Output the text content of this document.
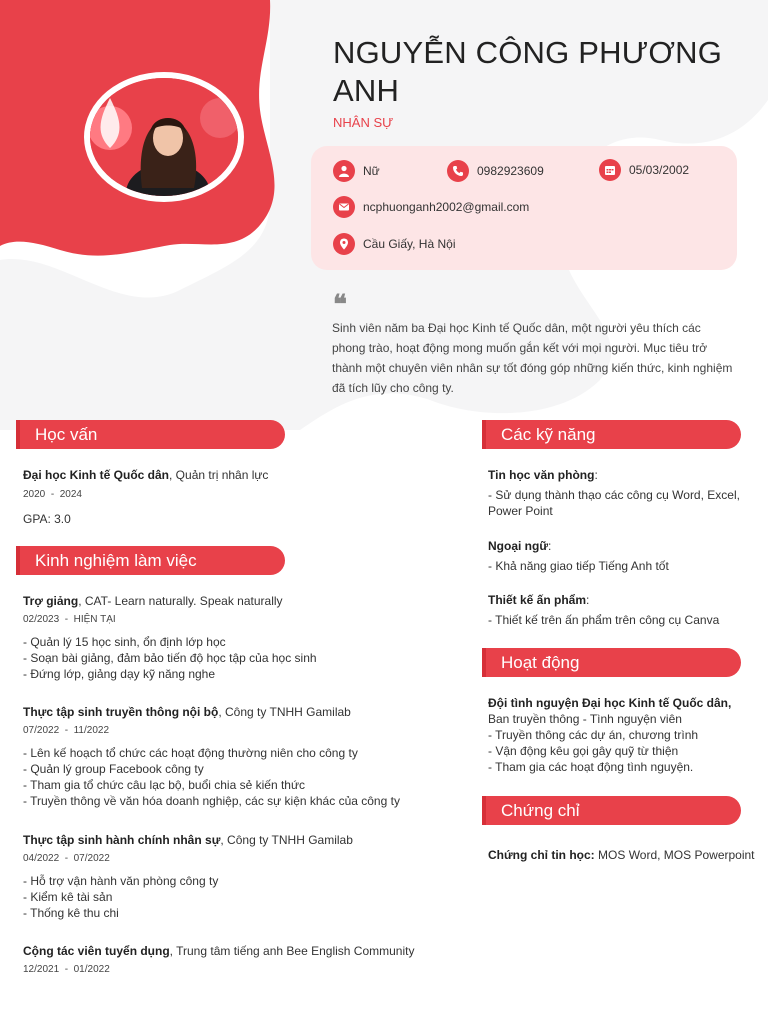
NGUYỄN CÔNG PHƯƠNG ANH
NHÂN SỰ
Nữ	0982923609	05/03/2002
ncphuonganh2002@gmail.com
Cầu Giấy, Hà Nội
❝

Sinh viên năm ba Đại học Kinh tế Quốc dân, một người yêu thích các phong trào, hoạt động mong muốn gắn kết với mọi người. Mục tiêu trở thành một chuyên viên nhân sự tốt đóng góp những kiến thức, kinh nghiệm đã tích lũy cho công ty.

Học vấn
Đại học Kinh tế Quốc dân, Quản trị nhân lực
2020 - 2024
GPA: 3.0
Kinh nghiệm làm việc
Trợ giảng, CAT- Learn naturally. Speak naturally
02/2023  -  HIỆN TẠI
- Quản lý 15 học sinh, ổn định lớp học
- Soạn bài giảng, đảm bảo tiến độ học tập của học sinh
- Đứng lớp, giảng dạy kỹ năng nghe
Thực tập sinh truyền thông nội bộ, Công ty TNHH Gamilab
07/2022  -  11/2022
- Lên kế hoạch tổ chức các hoạt động thường niên cho công ty
- Quản lý group Facebook công ty
- Tham gia tổ chức câu lạc bộ, buổi chia sẻ kiến thức
- Truyền thông về văn hóa doanh nghiệp, các sự kiện khác của công ty
Thực tập sinh hành chính nhân sự, Công ty TNHH Gamilab
04/2022  -  07/2022
- Hỗ trợ vận hành văn phòng công ty
- Kiểm kê tài sản
- Thống kê thu chi
Cộng tác viên tuyển dụng, Trung tâm tiếng anh Bee English Community
12/2021  -  01/2022
Các kỹ năng
Tin học văn phòng:
- Sử dụng thành thạo các công cụ Word, Excel,
Power Point
Ngoại ngữ:
- Khả năng giao tiếp Tiếng Anh tốt
Thiết kế ấn phẩm:
- Thiết kế trên ấn phẩm trên công cụ Canva
Hoạt động
Đội tình nguyện Đại học Kinh tế Quốc dân,
Ban truyền thông - Tình nguyện viên
- Truyền thông các dự án, chương trình
- Vận động kêu gọi gây quỹ từ thiện
- Tham gia các hoạt động tình nguyện.
Chứng chỉ
Chứng chỉ tin học: MOS Word, MOS Powerpoint
